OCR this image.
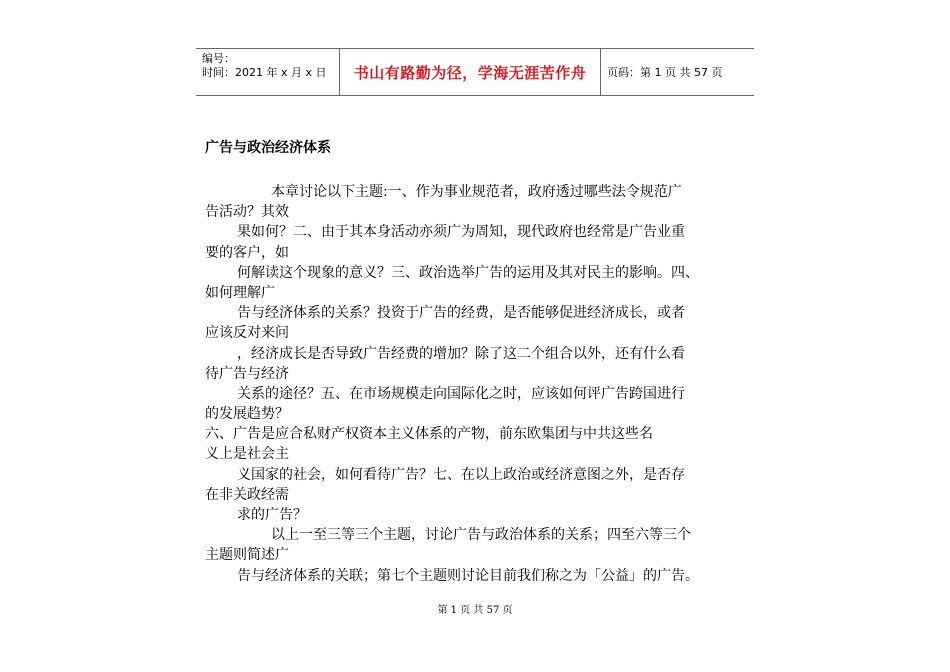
编号：
时间：2021 年 x 月 x 日	书山有路勤为径，学海无涯苦作舟	页码：第 1 页 共 57 页
广告与政治经济体系
本章讨论以下主题:一、作为事业规范者，政府透过哪些法令规范广
告活动？其效
果如何？二、由于其本身活动亦须广为周知，现代政府也经常是广告业重
要的客户，如
何解读这个现象的意义？三、政治选举广告的运用及其对民主的影响。四、
如何理解广
告与经济体系的关系？投资于广告的经费，是否能够促进经济成长，或者
应该反对来问
，经济成长是否导致广告经费的增加？除了这二个组合以外，还有什么看
待广告与经济
关系的途径？五、在市场规模走向国际化之时，应该如何评广告跨国进行
的发展趋势？
六、广告是应合私财产权资本主义体系的产物，前东欧集团与中共这些名
义上是社会主
义国家的社会，如何看待广告？七、在以上政治或经济意图之外，是否存
在非关政经需
求的广告？
以上一至三等三个主题，讨论广告与政治体系的关系；四至六等三个
主题则简述广
告与经济体系的关联；第七个主题则讨论目前我们称之为「公益」的广告。
第 1 页 共 57 页
